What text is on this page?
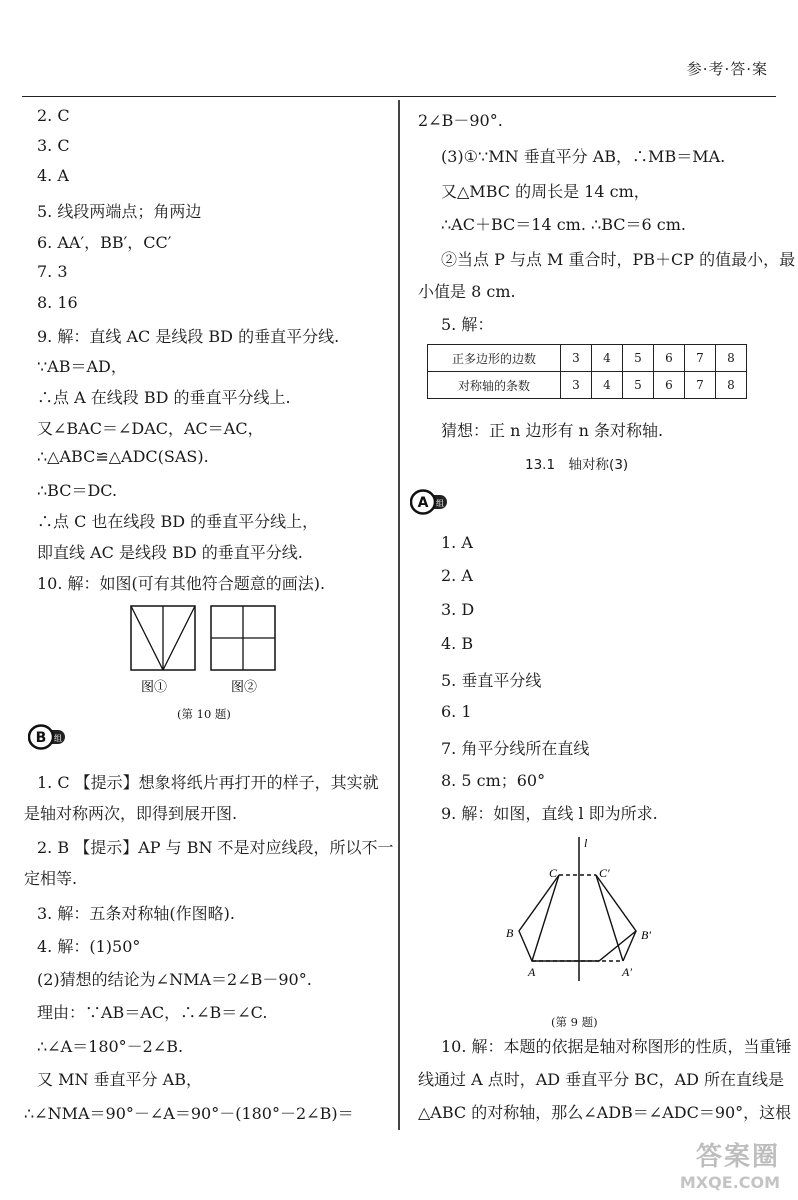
参·考·答·案
2. C
3. C
4. A
5. 线段两端点；角两边
6. AA′，BB′，CC′
7. 3
8. 16
9. 解：直线 AC 是线段 BD 的垂直平分线.
∵AB＝AD，
∴点 A 在线段 BD 的垂直平分线上.
又∠BAC＝∠DAC，AC＝AC，
∴△ABC≌△ADC(SAS).
∴BC＝DC.
∴点 C 也在线段 BD 的垂直平分线上，
即直线 AC 是线段 BD 的垂直平分线.
10. 解：如图(可有其他符合题意的画法).
图①	图②
(第 10 题)
B 组
B组
1. C 【提示】想象将纸片再打开的样子，其实就
是轴对称两次，即得到展开图.
2. B 【提示】AP 与 BN 不是对应线段，所以不一
定相等.
3. 解：五条对称轴(作图略).
4. 解：(1)50°
(2)猜想的结论为∠NMA＝2∠B－90°.
理由：∵AB＝AC，∴∠B＝∠C.
∴∠A＝180°－2∠B.
又 MN 垂直平分 AB，
∴∠NMA＝90°－∠A＝90°－(180°－2∠B)＝
2∠B－90°.
(3)①∵MN 垂直平分 AB，∴MB＝MA.
又△MBC 的周长是 14 cm，
∴AC＋BC＝14 cm. ∴BC＝6 cm.
②当点 P 与点 M 重合时，PB＋CP 的值最小，最
小值是 8 cm.
5. 解：
正多边形的边数	3	4	5	6	7	8
对称轴的条数	3	4	5	6	7	8
猜想：正 n 边形有 n 条对称轴.
13.1　轴对称(3)
A 组
A组
1. A
2. A
3. D
4. B
5. 垂直平分线
6. 1
7. 角平分线所在直线
8. 5 cm；60°
9. 解：如图，直线 l 即为所求.
l
C	C′
B	B′
A	A′
(第 9 题)
10. 解：本题的依据是轴对称图形的性质，当重锤
线通过 A 点时，AD 垂直平分 BC，AD 所在直线是
△ABC 的对称轴，那么∠ADB＝∠ADC＝90°，这根
答案圈
MXQE.COM
